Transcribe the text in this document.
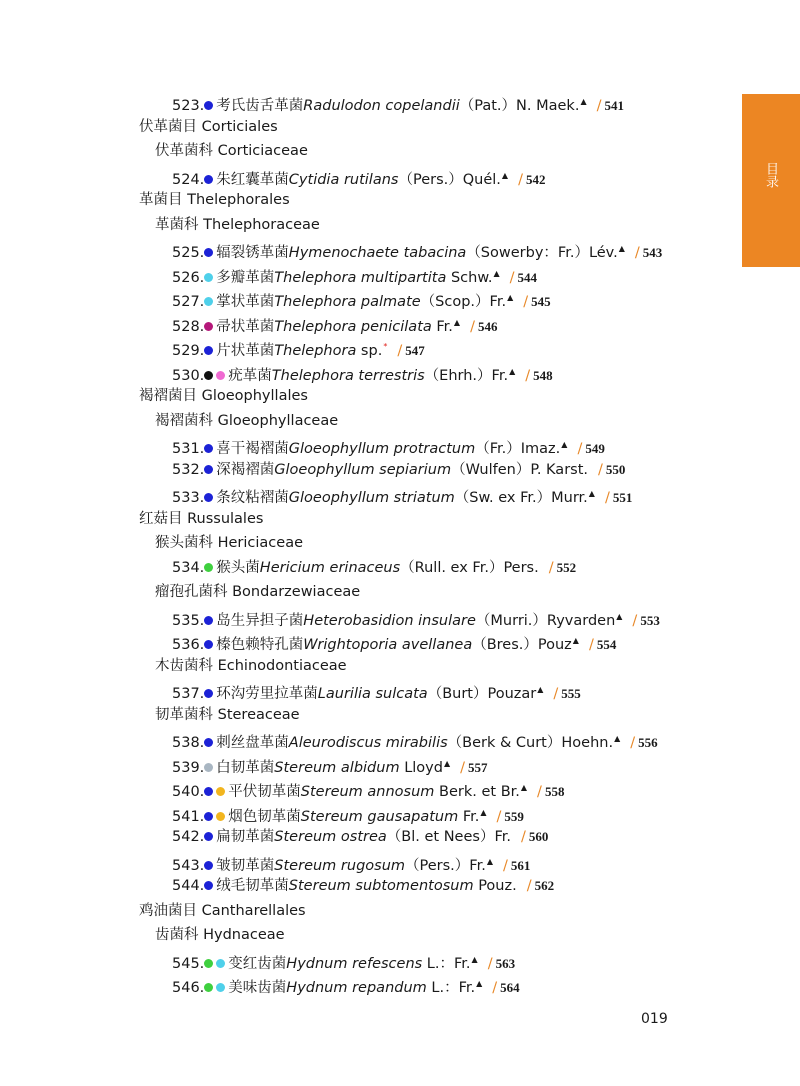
523. 考氏齿舌革菌Radulodon copelandii（Pat.）N. Maek.▲ / 541
伏革菌目 Corticiales
伏革菌科 Corticiaceae
524. 朱红囊革菌Cytidia rutilans（Pers.）Quél.▲ / 542
革菌目 Thelephorales
革菌科 Thelephoraceae
525. 辐裂锈革菌Hymenochaete tabacina（Sowerby：Fr.）Lév.▲ / 543
526. 多瓣革菌Thelephora multipartita Schw.▲ / 544
527. 掌状革菌Thelephora palmate（Scop.）Fr.▲ / 545
528. 帚状革菌Thelephora penicilata Fr.▲ / 546
529. 片状革菌Thelephora sp.* / 547
530. 疣革菌Thelephora terrestris（Ehrh.）Fr.▲ / 548
褐褶菌目 Gloeophyllales
褐褶菌科 Gloeophyllaceae
531. 喜干褐褶菌Gloeophyllum protractum（Fr.）Imaz.▲ / 549
532. 深褐褶菌Gloeophyllum sepiarium（Wulfen）P. Karst. / 550
533. 条纹粘褶菌Gloeophyllum striatum（Sw. ex Fr.）Murr.▲ / 551
红菇目 Russulales
猴头菌科 Hericiaceae
534. 猴头菌Hericium erinaceus（Rull. ex Fr.）Pers. / 552
瘤孢孔菌科 Bondarzewiaceae
535. 岛生异担子菌Heterobasidion insulare（Murri.）Ryvarden▲ / 553
536. 榛色赖特孔菌Wrightoporia avellanea（Bres.）Pouz▲ / 554
木齿菌科 Echinodontiaceae
537. 环沟劳里拉革菌Laurilia sulcata（Burt）Pouzar▲ / 555
韧革菌科 Stereaceae
538. 刺丝盘革菌Aleurodiscus mirabilis（Berk & Curt）Hoehn.▲ / 556
539. 白韧革菌Stereum albidum Lloyd▲ / 557
540. 平伏韧革菌Stereum annosum Berk. et Br.▲ / 558
541. 烟色韧革菌Stereum gausapatum Fr.▲ / 559
542. 扁韧革菌Stereum ostrea（Bl. et Nees）Fr. / 560
543. 皱韧革菌Stereum rugosum（Pers.）Fr.▲ / 561
544. 绒毛韧革菌Stereum subtomentosum Pouz. / 562
鸡油菌目 Cantharellales
齿菌科 Hydnaceae
545. 变红齿菌Hydnum refescens L.：Fr.▲ / 563
546. 美味齿菌Hydnum repandum L.：Fr.▲ / 564
目录
019
